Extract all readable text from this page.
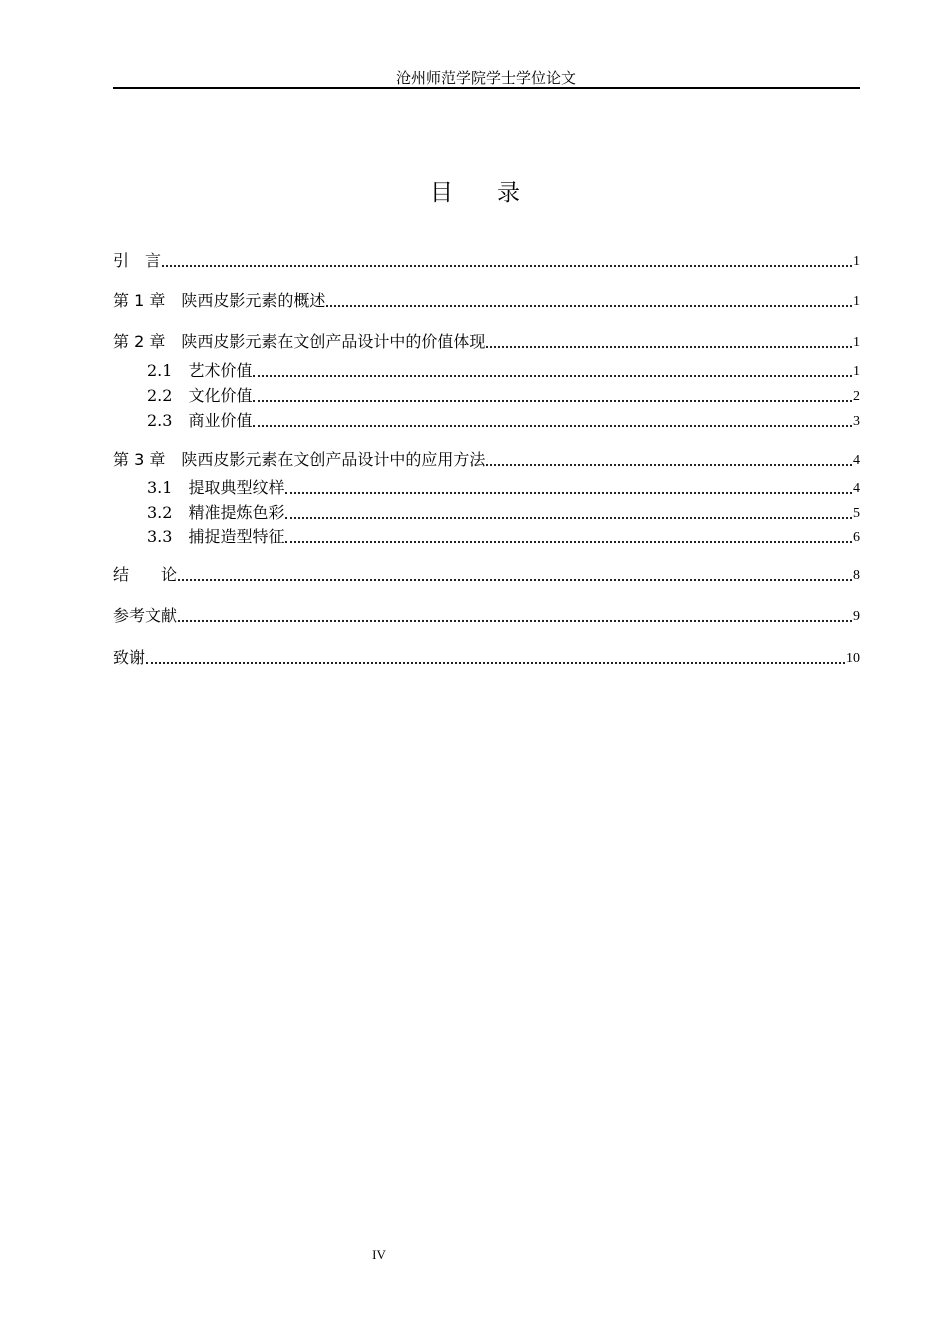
沧州师范学院学士学位论文
目录
引　言	1
第 1 章　陕西皮影元素的概述	1
第 2 章　陕西皮影元素在文创产品设计中的价值体现	1
2.1　艺术价值	1
2.2　文化价值	2
2.3　商业价值	3
第 3 章　陕西皮影元素在文创产品设计中的应用方法	4
3.1　提取典型纹样	4
3.2　精准提炼色彩	5
3.3　捕捉造型特征	6
结　　论	8
参考文献	9
致谢	10
IV
